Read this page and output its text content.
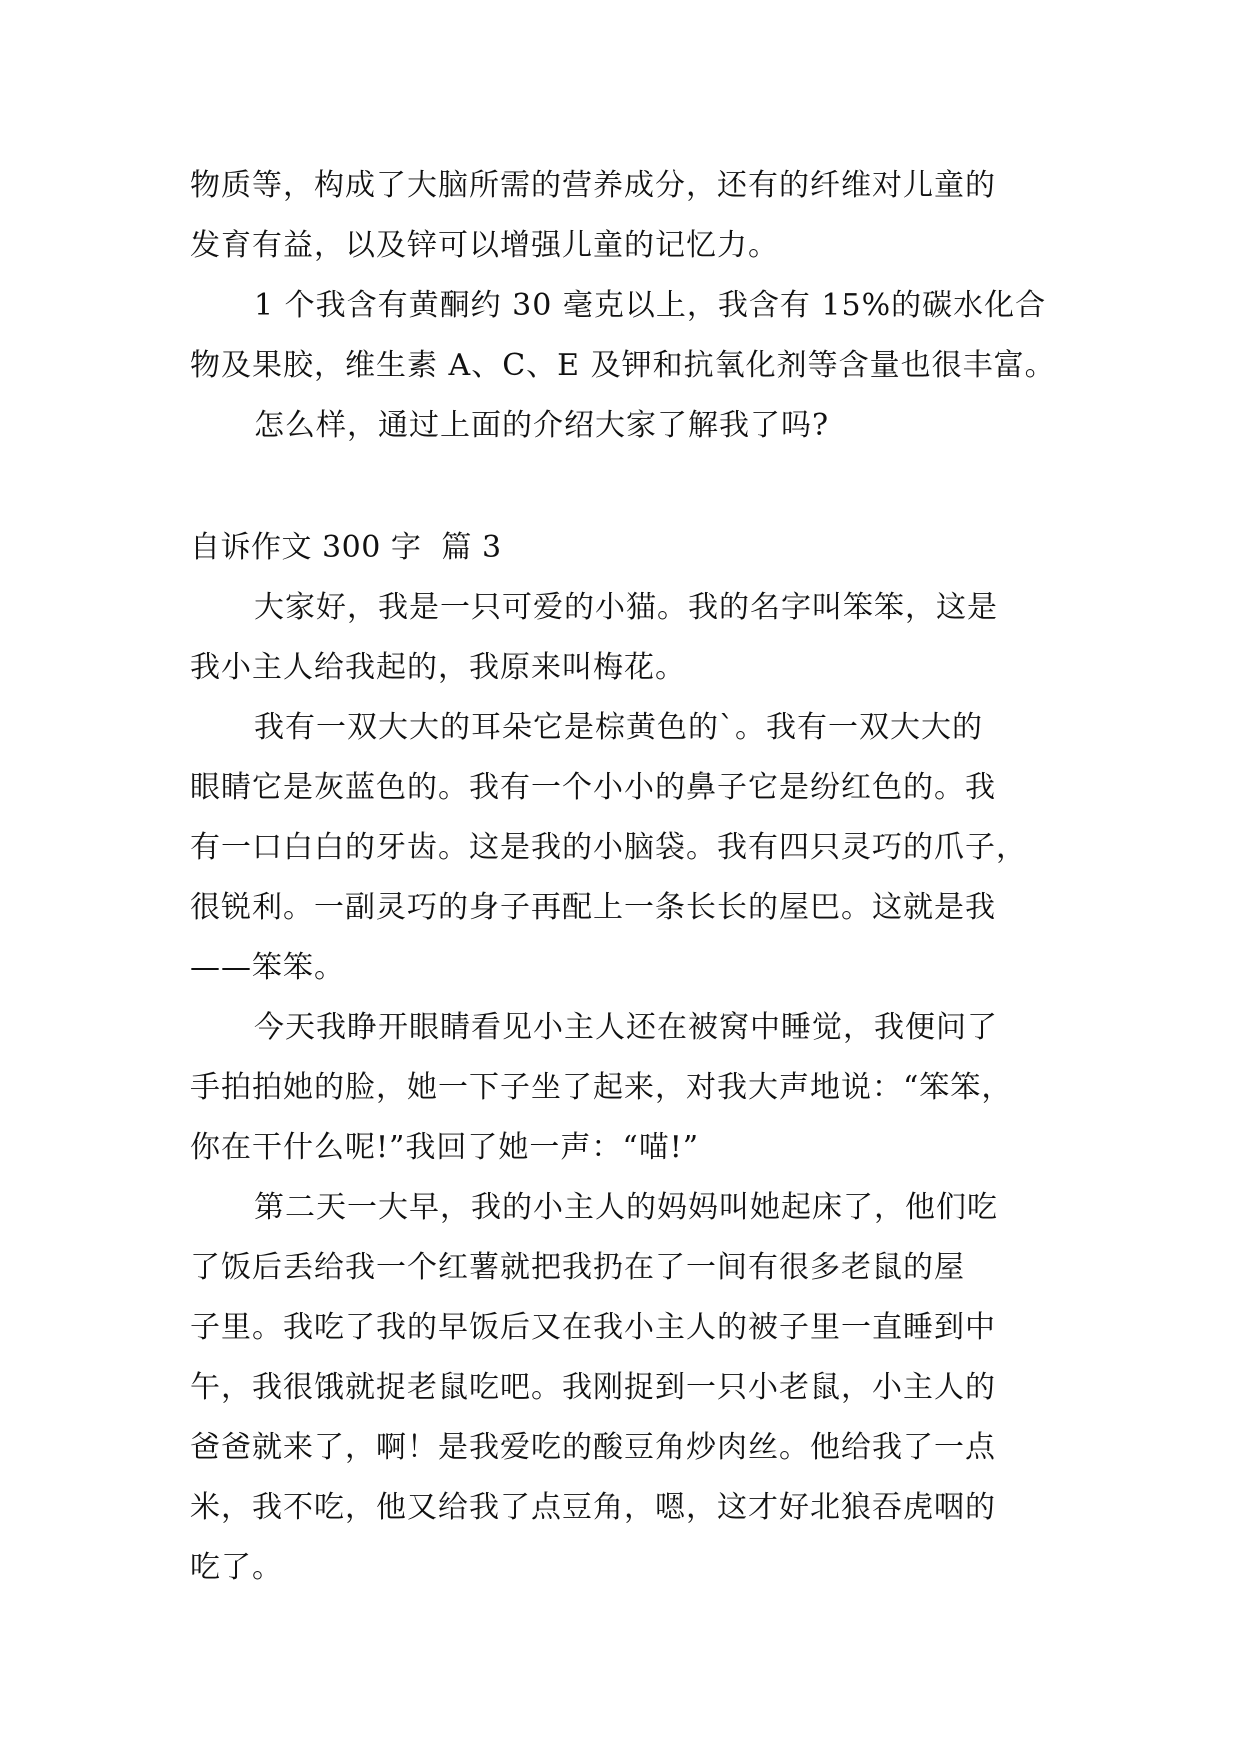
物质等，构成了大脑所需的营养成分，还有的纤维对儿童的
发育有益，以及锌可以增强儿童的记忆力。
1 个我含有黄酮约 30 毫克以上，我含有 15%的碳水化合
物及果胶，维生素 A、C、E 及钾和抗氧化剂等含量也很丰富。
怎么样，通过上面的介绍大家了解我了吗?
自诉作文 300 字  篇 3
大家好，我是一只可爱的小猫。我的名字叫笨笨，这是
我小主人给我起的，我原来叫梅花。
我有一双大大的耳朵它是棕黄色的`。我有一双大大的
眼睛它是灰蓝色的。我有一个小小的鼻子它是纷红色的。我
有一口白白的牙齿。这是我的小脑袋。我有四只灵巧的爪子，
很锐利。一副灵巧的身子再配上一条长长的屋巴。这就是我
——笨笨。
今天我睁开眼睛看见小主人还在被窝中睡觉，我便问了
手拍拍她的脸，她一下子坐了起来，对我大声地说：“笨笨，
你在干什么呢!”我回了她一声：“喵!”
第二天一大早，我的小主人的妈妈叫她起床了，他们吃
了饭后丢给我一个红薯就把我扔在了一间有很多老鼠的屋
子里。我吃了我的早饭后又在我小主人的被子里一直睡到中
午，我很饿就捉老鼠吃吧。我刚捉到一只小老鼠，小主人的
爸爸就来了，啊！是我爱吃的酸豆角炒肉丝。他给我了一点
米，我不吃，他又给我了点豆角，嗯，这才好北狼吞虎咽的
吃了。
